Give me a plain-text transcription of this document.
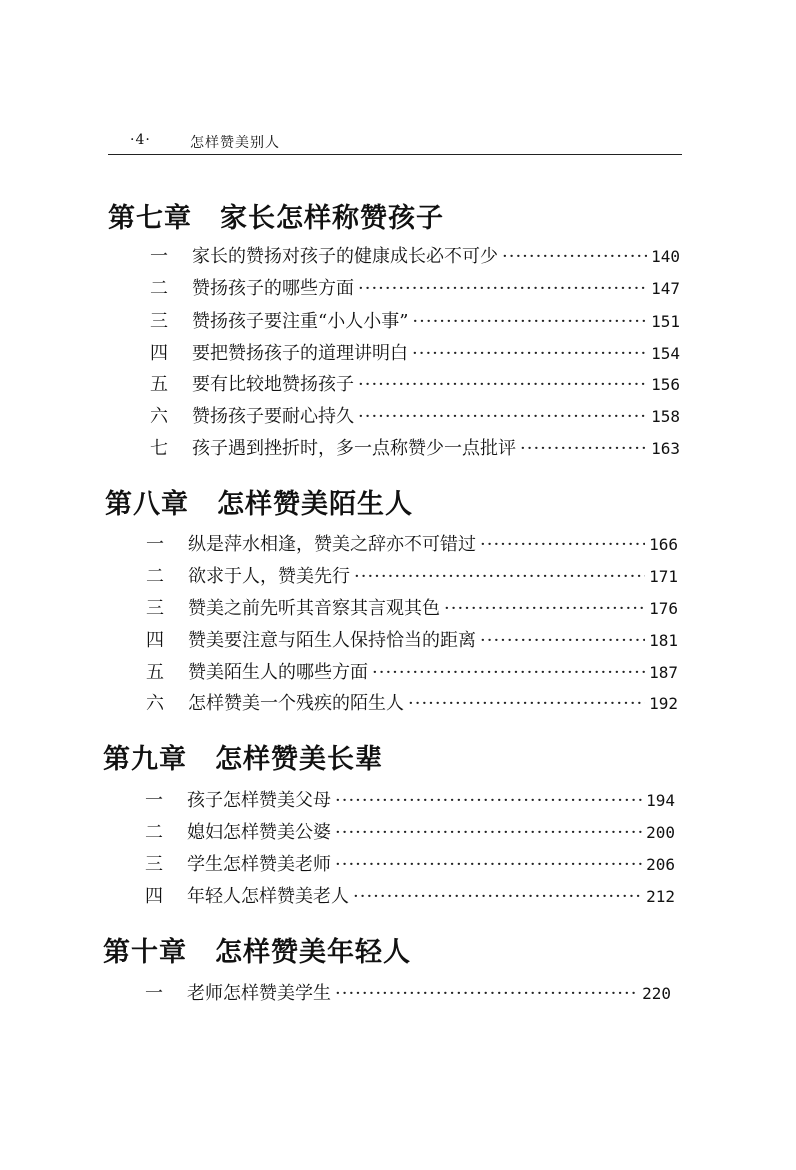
·4·	怎样赞美别人
第七章 家长怎样称赞孩子
一 家长的赞扬对孩子的健康成长必不可少 ·····	140
二 赞扬孩子的哪些方面 ·····	147
三 赞扬孩子要注重“小人小事” ·····	151
四 要把赞扬孩子的道理讲明白 ·····	154
五 要有比较地赞扬孩子 ·····	156
六 赞扬孩子要耐心持久 ·····	158
七 孩子遇到挫折时，多一点称赞少一点批评 ·····	163
第八章 怎样赞美陌生人
一 纵是萍水相逢，赞美之辞亦不可错过 ·····	166
二 欲求于人，赞美先行 ·····	171
三 赞美之前先听其音察其言观其色 ·····	176
四 赞美要注意与陌生人保持恰当的距离 ·····	181
五 赞美陌生人的哪些方面 ·····	187
六 怎样赞美一个残疾的陌生人 ·····	192
第九章 怎样赞美长辈
一 孩子怎样赞美父母 ·····	194
二 媳妇怎样赞美公婆 ·····	200
三 学生怎样赞美老师 ·····	206
四 年轻人怎样赞美老人 ·····	212
第十章 怎样赞美年轻人
一 老师怎样赞美学生 ·····	220
